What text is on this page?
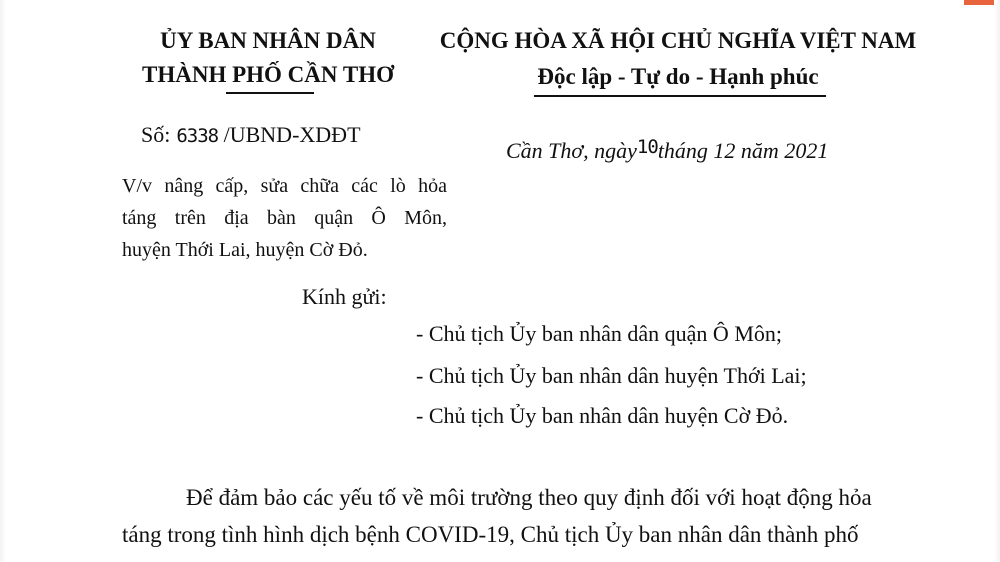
ỦY BAN NHÂN DÂN
THÀNH PHỐ CẦN THƠ
CỘNG HÒA XÃ HỘI CHỦ NGHĨA VIỆT NAM
Độc lập - Tự do - Hạnh phúc
Số: 6338 /UBND-XDĐT
Cần Thơ, ngày10tháng 12 năm 2021
V/v nâng cấp, sửa chữa các lò hỏa
táng trên địa bàn quận Ô Môn,
huyện Thới Lai, huyện Cờ Đỏ.
Kính gửi:
- Chủ tịch Ủy ban nhân dân quận Ô Môn;
- Chủ tịch Ủy ban nhân dân huyện Thới Lai;
- Chủ tịch Ủy ban nhân dân huyện Cờ Đỏ.
Để đảm bảo các yếu tố về môi trường theo quy định đối với hoạt động hỏa
táng trong tình hình dịch bệnh COVID-19, Chủ tịch Ủy ban nhân dân thành phố
